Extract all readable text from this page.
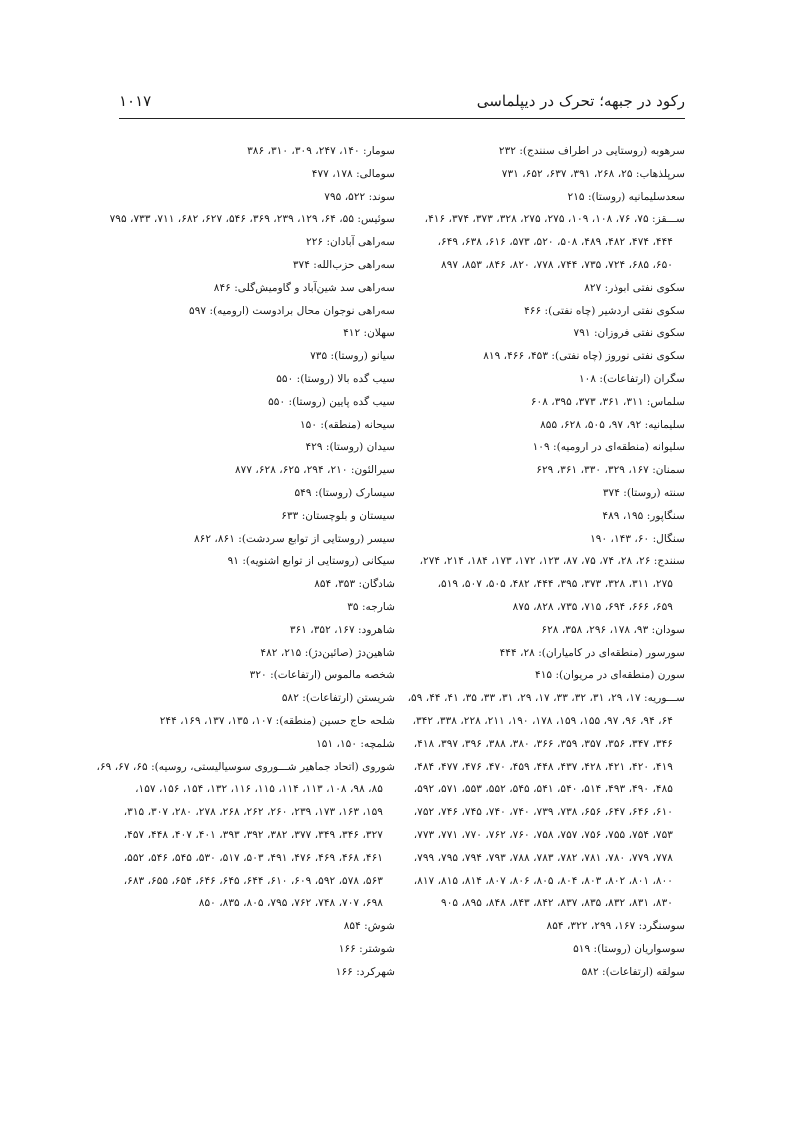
رکود در جبهه؛ تحرک در دیپلماسی
۱۰۱۷
سرهوبه (روستایی در اطراف سنندج): ۲۳۲
سرپلذهاب: ۲۵، ۲۶۸، ۳۹۱، ۶۳۷، ۶۵۲، ۷۳۱
سعدسلیمانیه (روستا): ۲۱۵
ســـقز: ۷۵، ۷۶، ۱۰۸، ۱۰۹، ۲۷۵، ۲۷۵، ۳۲۸، ۳۷۳، ۳۷۴، ۴۱۶،
۴۴۴، ۴۷۴، ۴۸۲، ۴۸۹، ۵۰۸، ۵۲۰، ۵۷۳، ۶۱۶، ۶۳۸، ۶۴۹،
۶۵۰، ۶۸۵، ۷۲۴، ۷۳۵، ۷۴۴، ۷۷۸، ۸۲۰، ۸۴۶، ۸۵۳، ۸۹۷
سکوی نفتی ابوذر: ۸۲۷
سکوی نفتی اردشیر (چاه نفتی): ۴۶۶
سکوی نفتی فروزان: ۷۹۱
سکوی نفتی نوروز (چاه نفتی): ۴۵۳، ۴۶۶، ۸۱۹
سگران (ارتفاعات): ۱۰۸
سلماس: ۳۱۱، ۳۶۱، ۳۷۳، ۳۹۵، ۶۰۸
سلیمانیه: ۹۲، ۹۷، ۵۰۵، ۶۲۸، ۸۵۵
سلیوانه (منطقه‌ای در ارومیه): ۱۰۹
سمنان: ۱۶۷، ۳۲۹، ۳۳۰، ۳۶۱، ۶۲۹
سنته (روستا): ۳۷۴
سنگاپور: ۱۹۵، ۴۸۹
سنگال: ۶۰، ۱۴۳، ۱۹۰
سنندج: ۲۶، ۲۸، ۷۴، ۷۵، ۸۷، ۱۲۳، ۱۷۲، ۱۷۳، ۱۸۴، ۲۱۴، ۲۷۴،
۲۷۵، ۳۱۱، ۳۲۸، ۳۷۳، ۳۹۵، ۴۴۴، ۴۸۲، ۵۰۵، ۵۰۷، ۵۱۹،
۶۵۹، ۶۶۶، ۶۹۴، ۷۱۵، ۷۳۵، ۸۲۸، ۸۷۵
سودان: ۹۳، ۱۷۸، ۲۹۶، ۳۵۸، ۶۲۸
سورسور (منطقه‌ای در کامیاران): ۲۸، ۴۴۴
سورن (منطقه‌ای در مریوان): ۴۱۵
ســـوریه: ۱۷، ۲۹، ۳۱، ۳۲، ۳۳، ۱۷، ۲۹، ۳۱، ۳۳، ۳۵، ۴۱، ۴۴، ۵۹،
۶۴، ۹۴، ۹۶، ۹۷، ۱۵۵، ۱۵۹، ۱۷۸، ۱۹۰، ۲۱۱، ۲۲۸، ۳۳۸، ۳۴۲،
۳۴۶، ۳۴۷، ۳۵۶، ۳۵۷، ۳۵۹، ۳۶۶، ۳۸۰، ۳۸۸، ۳۹۶، ۳۹۷، ۴۱۸،
۴۱۹، ۴۲۰، ۴۲۱، ۴۲۸، ۴۳۷، ۴۴۸، ۴۵۹، ۴۷۰، ۴۷۶، ۴۷۷، ۴۸۴،
۴۸۵، ۴۹۰، ۴۹۳، ۵۱۴، ۵۴۰، ۵۴۱، ۵۴۵، ۵۵۲، ۵۵۳، ۵۷۱، ۵۹۲،
۶۱۰، ۶۴۶، ۶۴۷، ۶۵۶، ۷۳۸، ۷۳۹، ۷۴۰، ۷۴۰، ۷۴۵، ۷۴۶، ۷۵۲،
۷۵۳، ۷۵۴، ۷۵۵، ۷۵۶، ۷۵۷، ۷۵۸، ۷۶۰، ۷۶۲، ۷۷۰، ۷۷۱، ۷۷۳،
۷۷۸، ۷۷۹، ۷۸۰، ۷۸۱، ۷۸۲، ۷۸۳، ۷۸۸، ۷۹۳، ۷۹۴، ۷۹۵، ۷۹۹،
۸۰۰، ۸۰۱، ۸۰۲، ۸۰۳، ۸۰۴، ۸۰۵، ۸۰۶، ۸۰۷، ۸۱۴، ۸۱۵، ۸۱۷،
۸۳۰، ۸۳۱، ۸۳۲، ۸۳۵، ۸۳۷، ۸۴۲، ۸۴۳، ۸۴۸، ۸۹۵، ۹۰۵
سوسنگرد: ۱۶۷، ۲۹۹، ۳۲۲، ۸۵۴
سوسواریان (روستا): ۵۱۹
سولقه (ارتفاعات): ۵۸۲
سومار: ۱۴۰، ۲۴۷، ۳۰۹، ۳۱۰، ۳۸۶
سومالی: ۱۷۸، ۴۷۷
سوند: ۵۲۲، ۷۹۵
سوئیس: ۵۵، ۶۴، ۱۲۹، ۲۳۹، ۳۶۹، ۵۴۶، ۶۲۷، ۶۸۲، ۷۱۱، ۷۳۳، ۷۹۵
سه‌راهی آبادان: ۲۲۶
سه‌راهی حزب‌الله: ۳۷۴
سه‌راهی سد شین‌آباد و گاومیش‌گلی: ۸۴۶
سه‌راهی نوجوان محال برادوست (ارومیه): ۵۹۷
سهلان: ۴۱۲
سیانو (روستا): ۷۳۵
سیب گده بالا (روستا): ۵۵۰
سیب گده پایین (روستا): ۵۵۰
سیحانه (منطقه): ۱۵۰
سیدان (روستا): ۴۲۹
سیرالئون: ۲۱۰، ۲۹۴، ۶۲۵، ۶۲۸، ۸۷۷
سیسارک (روستا): ۵۴۹
سیستان و بلوچستان: ۶۳۳
سیسر (روستایی از توابع سردشت): ۸۶۱، ۸۶۲
سیکانی (روستایی از توابع اشنویه): ۹۱
شادگان: ۳۵۳، ۸۵۴
شارجه: ۳۵
شاهرود: ۱۶۷، ۳۵۲، ۳۶۱
شاهین‌دژ (صائین‌دژ): ۲۱۵، ۴۸۲
شخصه مالموس (ارتفاعات): ۳۲۰
شریستن (ارتفاعات): ۵۸۲
شلحه حاج حسین (منطقه): ۱۰۷، ۱۳۵، ۱۳۷، ۱۶۹، ۲۴۴
شلمچه: ۱۵۰، ۱۵۱
شوروی (اتحاد جماهیر شـــوروی سوسیالیستی، روسیه): ۶۵، ۶۷، ۶۹،
۸۵، ۹۸، ۱۰۸، ۱۱۳، ۱۱۴، ۱۱۵، ۱۱۶، ۱۳۲، ۱۵۴، ۱۵۶، ۱۵۷،
۱۵۹، ۱۶۳، ۱۷۳، ۲۳۹، ۲۶۰، ۲۶۲، ۲۶۸، ۲۷۸، ۲۸۰، ۳۰۷، ۳۱۵،
۳۲۷، ۳۴۶، ۳۴۹، ۳۷۷، ۳۸۲، ۳۹۲، ۳۹۳، ۴۰۱، ۴۰۷، ۴۴۸، ۴۵۷،
۴۶۱، ۴۶۸، ۴۶۹، ۴۷۶، ۴۹۱، ۵۰۳، ۵۱۷، ۵۳۰، ۵۴۵، ۵۴۶، ۵۵۲،
۵۶۳، ۵۷۸، ۵۹۲، ۶۰۹، ۶۱۰، ۶۴۴، ۶۴۵، ۶۴۶، ۶۵۴، ۶۵۵، ۶۸۳،
۶۹۸، ۷۰۷، ۷۴۸، ۷۶۲، ۷۹۵، ۸۰۵، ۸۳۵، ۸۵۰
شوش: ۸۵۴
شوشتر: ۱۶۶
شهرکرد: ۱۶۶
